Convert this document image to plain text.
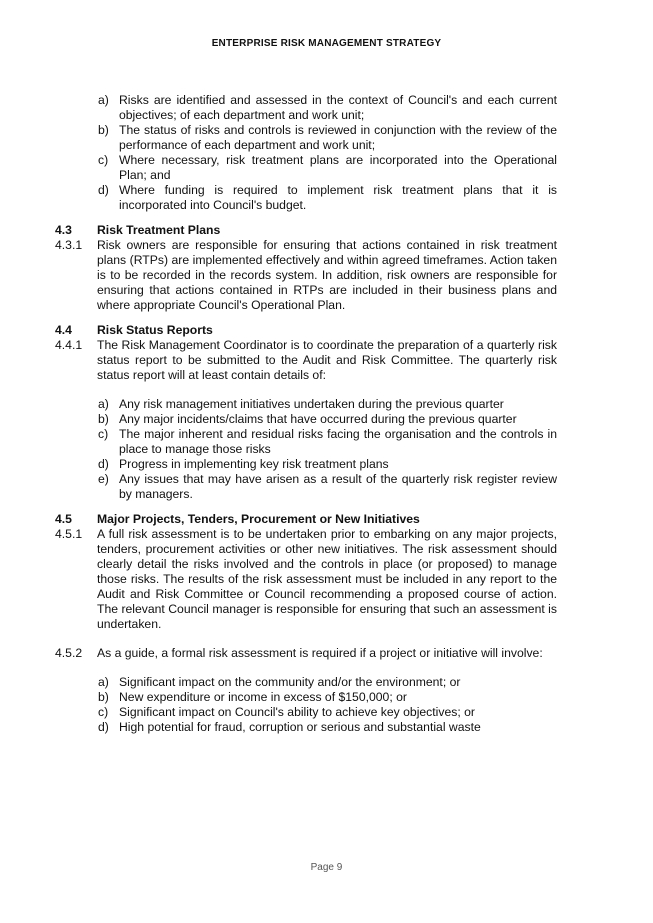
ENTERPRISE RISK MANAGEMENT STRATEGY
a) Risks are identified and assessed in the context of Council's and each current objectives; of each department and work unit;
b) The status of risks and controls is reviewed in conjunction with the review of the performance of each department and work unit;
c) Where necessary, risk treatment plans are incorporated into the Operational Plan; and
d) Where funding is required to implement risk treatment plans that it is incorporated into Council's budget.
4.3 Risk Treatment Plans
4.3.1 Risk owners are responsible for ensuring that actions contained in risk treatment plans (RTPs) are implemented effectively and within agreed timeframes. Action taken is to be recorded in the records system. In addition, risk owners are responsible for ensuring that actions contained in RTPs are included in their business plans and where appropriate Council's Operational Plan.
4.4 Risk Status Reports
4.4.1 The Risk Management Coordinator is to coordinate the preparation of a quarterly risk status report to be submitted to the Audit and Risk Committee. The quarterly risk status report will at least contain details of:
a) Any risk management initiatives undertaken during the previous quarter
b) Any major incidents/claims that have occurred during the previous quarter
c) The major inherent and residual risks facing the organisation and the controls in place to manage those risks
d) Progress in implementing key risk treatment plans
e) Any issues that may have arisen as a result of the quarterly risk register review by managers.
4.5 Major Projects, Tenders, Procurement or New Initiatives
4.5.1 A full risk assessment is to be undertaken prior to embarking on any major projects, tenders, procurement activities or other new initiatives. The risk assessment should clearly detail the risks involved and the controls in place (or proposed) to manage those risks. The results of the risk assessment must be included in any report to the Audit and Risk Committee or Council recommending a proposed course of action. The relevant Council manager is responsible for ensuring that such an assessment is undertaken.
4.5.2 As a guide, a formal risk assessment is required if a project or initiative will involve:
a) Significant impact on the community and/or the environment; or
b) New expenditure or income in excess of $150,000; or
c) Significant impact on Council's ability to achieve key objectives; or
d) High potential for fraud, corruption or serious and substantial waste
Page 9
